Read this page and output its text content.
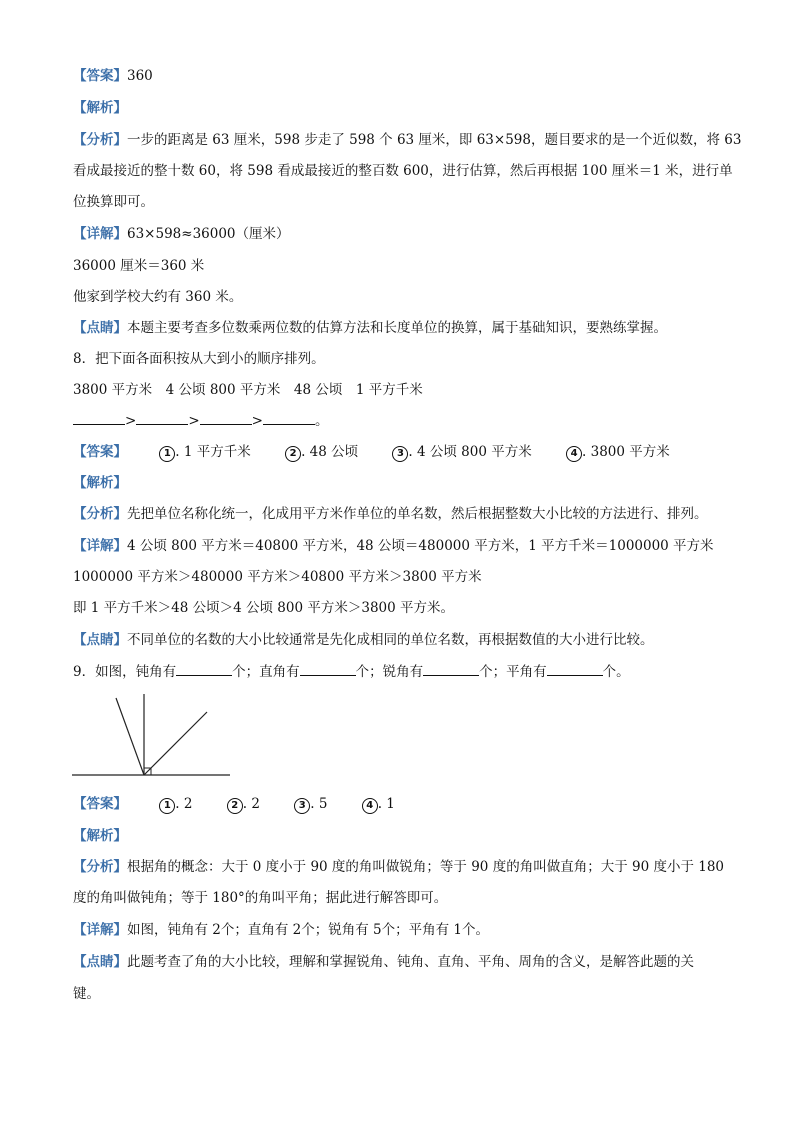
【答案】360
【解析】
【分析】一步的距离是 63 厘米，598 步走了 598 个 63 厘米，即 63×598，题目要求的是一个近似数，将 63
看成最接近的整十数 60，将 598 看成最接近的整百数 600，进行估算，然后再根据 100 厘米＝1 米，进行单
位换算即可。
【详解】63×598≈36000（厘米）
36000 厘米＝360 米
他家到学校大约有 360 米。
【点睛】本题主要考查多位数乘两位数的估算方法和长度单位的换算，属于基础知识，要熟练掌握。
8．把下面各面积按从大到小的顺序排列。
3800 平方米　4 公顷 800 平方米　48 公顷　1 平方千米
>	>	>	。
【答案】	1 . 1 平方千米	2 . 48 公顷	3 . 4 公顷 800 平方米	4 . 3800 平方米
【解析】
【分析】先把单位名称化统一，化成用平方米作单位的单名数，然后根据整数大小比较的方法进行、排列。
【详解】4 公顷 800 平方米＝40800 平方米，48 公顷＝480000 平方米，1 平方千米＝1000000 平方米
1000000 平方米＞480000 平方米＞40800 平方米＞3800 平方米
即 1 平方千米＞48 公顷＞4 公顷 800 平方米＞3800 平方米。
【点睛】不同单位的名数的大小比较通常是先化成相同的单位名数，再根据数值的大小进行比较。
9．如图，钝角有	个；直角有	个；锐角有	个；平角有	个。
【答案】	1 . 2	2 . 2	3 . 5	4 . 1
【解析】
【分析】根据角的概念：大于 0 度小于 90 度的角叫做锐角；等于 90 度的角叫做直角；大于 90 度小于 180
度的角叫做钝角；等于 180°的角叫平角；据此进行解答即可。
【详解】如图，钝角有 2个；直角有 2个；锐角有 5个；平角有 1个。
【点睛】此题考查了角的大小比较，理解和掌握锐角、钝角、直角、平角、周角的含义，是解答此题的关
键。
